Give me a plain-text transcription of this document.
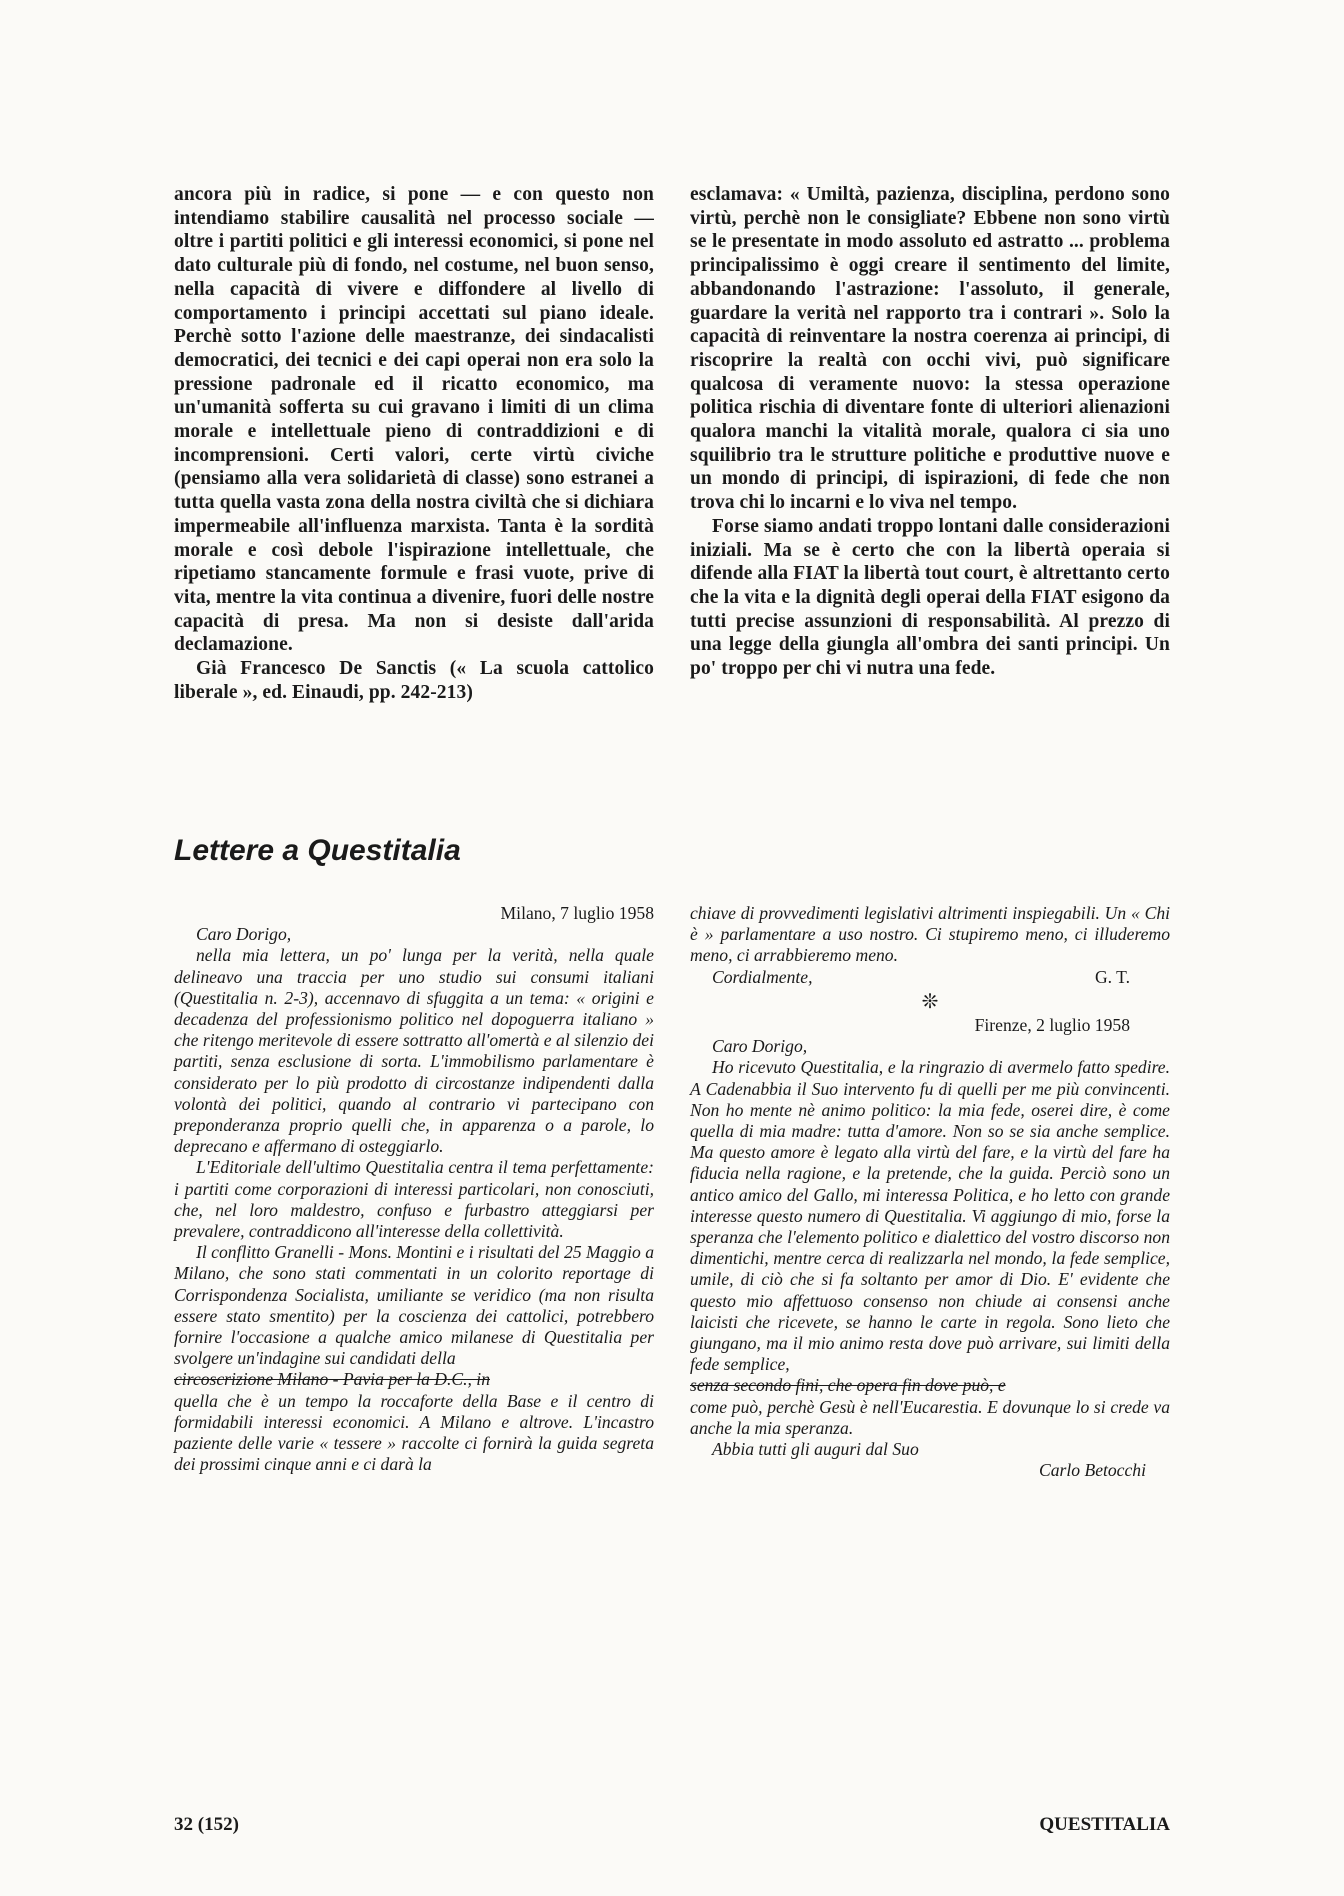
ancora più in radice, si pone — e con questo non intendiamo stabilire causalità nel processo sociale — oltre i partiti politici e gli interessi economici, si pone nel dato culturale più di fondo, nel costume, nel buon senso, nella capacità di vivere e diffondere al livello di comportamento i principi accettati sul piano ideale. Perchè sotto l'azione delle maestranze, dei sindacalisti democratici, dei tecnici e dei capi operai non era solo la pressione padronale ed il ricatto economico, ma un'umanità sofferta su cui gravano i limiti di un clima morale e intellettuale pieno di contraddizioni e di incomprensioni. Certi valori, certe virtù civiche (pensiamo alla vera solidarietà di classe) sono estranei a tutta quella vasta zona della nostra civiltà che si dichiara impermeabile all'influenza marxista. Tanta è la sordità morale e così debole l'ispirazione intellettuale, che ripetiamo stancamente formule e frasi vuote, prive di vita, mentre la vita continua a divenire, fuori delle nostre capacità di presa. Ma non si desiste dall'arida declamazione.

Già Francesco De Sanctis (« La scuola cattolico liberale », ed. Einaudi, pp. 242-213)

esclamava: « Umiltà, pazienza, disciplina, perdono sono virtù, perchè non le consigliate? Ebbene non sono virtù se le presentate in modo assoluto ed astratto ... problema principalissimo è oggi creare il sentimento del limite, abbandonando l'astrazione: l'assoluto, il generale, guardare la verità nel rapporto tra i contrari ». Solo la capacità di reinventare la nostra coerenza ai principi, di riscoprire la realtà con occhi vivi, può significare qualcosa di veramente nuovo: la stessa operazione politica rischia di diventare fonte di ulteriori alienazioni qualora manchi la vitalità morale, qualora ci sia uno squilibrio tra le strutture politiche e produttive nuove e un mondo di principi, di ispirazioni, di fede che non trova chi lo incarni e lo viva nel tempo.

Forse siamo andati troppo lontani dalle considerazioni iniziali. Ma se è certo che con la libertà operaia si difende alla FIAT la libertà tout court, è altrettanto certo che la vita e la dignità degli operai della FIAT esigono da tutti precise assunzioni di responsabilità. Al prezzo di una legge della giungla all'ombra dei santi principi. Un po' troppo per chi vi nutra una fede.

Lettere a Questitalia

Milano, 7 luglio 1958

Caro Dorigo,

nella mia lettera, un po' lunga per la verità, nella quale delineavo una traccia per uno studio sui consumi italiani (Questitalia n. 2-3), accennavo di sfuggita a un tema: « origini e decadenza del professionismo politico nel dopoguerra italiano » che ritengo meritevole di essere sottratto all'omertà e al silenzio dei partiti, senza esclusione di sorta. L'immobilismo parlamentare è considerato per lo più prodotto di circostanze indipendenti dalla volontà dei politici, quando al contrario vi partecipano con preponderanza proprio quelli che, in apparenza o a parole, lo deprecano e affermano di osteggiarlo.

L'Editoriale dell'ultimo Questitalia centra il tema perfettamente: i partiti come corporazioni di interessi particolari, non conosciuti, che, nel loro maldestro, confuso e furbastro atteggiarsi per prevalere, contraddicono all'interesse della collettività.

Il conflitto Granelli - Mons. Montini e i risultati del 25 Maggio a Milano, che sono stati commentati in un colorito reportage di Corrispondenza Socialista, umiliante se veridico (ma non risulta essere stato smentito) per la coscienza dei cattolici, potrebbero fornire l'occasione a qualche amico milanese di Questitalia per svolgere un'indagine sui candidati della

circoscrizione Milano - Pavia per la D.C., in

quella che è un tempo la roccaforte della Base e il centro di formidabili interessi economici. A Milano e altrove. L'incastro paziente delle varie « tessere » raccolte ci fornirà la guida segreta dei prossimi cinque anni e ci darà la

chiave di provvedimenti legislativi altrimenti inspiegabili. Un « Chi è » parlamentare a uso nostro. Ci stupiremo meno, ci illuderemo meno, ci arrabbieremo meno.

Cordialmente,	G. T.
❊

Firenze, 2 luglio 1958

Caro Dorigo,

Ho ricevuto Questitalia, e la ringrazio di avermelo fatto spedire. A Cadenabbia il Suo intervento fu di quelli per me più convincenti. Non ho mente nè animo politico: la mia fede, oserei dire, è come quella di mia madre: tutta d'amore. Non so se sia anche semplice. Ma questo amore è legato alla virtù del fare, e la virtù del fare ha fiducia nella ragione, e la pretende, che la guida. Perciò sono un antico amico del Gallo, mi interessa Politica, e ho letto con grande interesse questo numero di Questitalia. Vi aggiungo di mio, forse la speranza che l'elemento politico e dialettico del vostro discorso non dimentichi, mentre cerca di realizzarla nel mondo, la fede semplice, umile, di ciò che si fa soltanto per amor di Dio. E' evidente che questo mio affettuoso consenso non chiude ai consensi anche laicisti che ricevete, se hanno le carte in regola. Sono lieto che giungano, ma il mio animo resta dove può arrivare, sui limiti della fede semplice,

senza secondo fini, che opera fin dove può, e

come può, perchè Gesù è nell'Eucarestia. E dovunque lo si crede va anche la mia speranza.

Abbia tutti gli auguri dal Suo

Carlo Betocchi

32 (152)	QUESTITALIA
